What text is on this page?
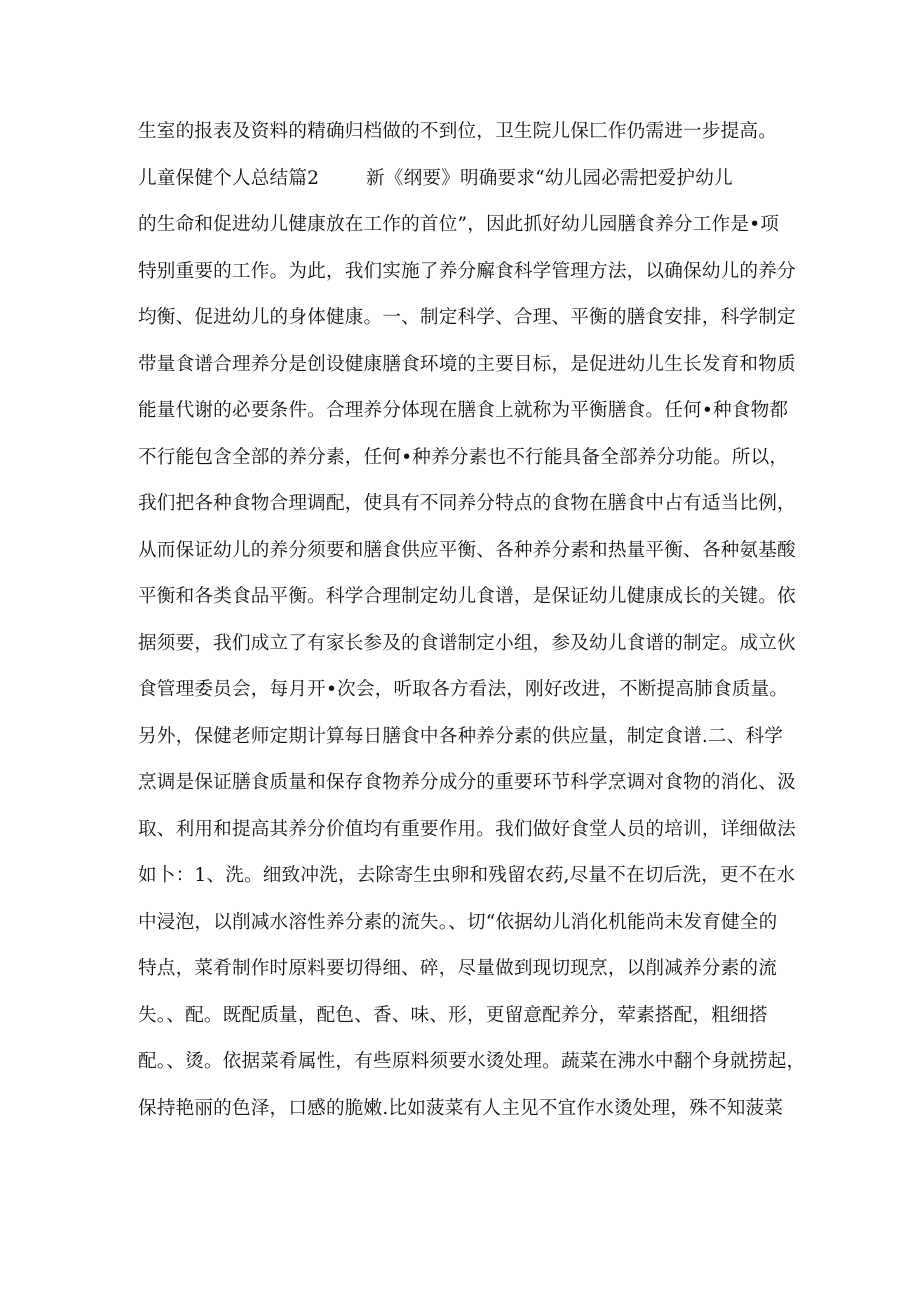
生室的报表及资料的精确归档做的不到位，卫生院儿保匚作仍需进一步提高。
儿童保健个人总结篇2	新《纲要》明确要求“幼儿园必需把爱护幼儿
的生命和促进幼儿健康放在工作的首位”，因此抓好幼儿园膳食养分工作是•项
特别重要的工作。为此，我们实施了养分廨食科学管理方法，以确保幼儿的养分
均衡、促进幼儿的身体健康。一、制定科学、合理、平衡的膳食安排，科学制定
带量食谱合理养分是创设健康膳食环境的主要目标，是促进幼儿生长发育和物质
能量代谢的必要条件。合理养分体现在膳食上就称为平衡膳食。任何•种食物都
不行能包含全部的养分素，任何•种养分素也不行能具备全部养分功能。所以，
我们把各种食物合理调配，使具有不同养分特点的食物在膳食中占有适当比例，
从而保证幼儿的养分须要和膳食供应平衡、各种养分素和热量平衡、各种氨基酸
平衡和各类食品平衡。科学合理制定幼儿食谱，是保证幼儿健康成长的关键。依
据须要，我们成立了有家长参及的食谱制定小组，参及幼儿食谱的制定。成立伙
食管理委员会，每月开•次会，听取各方看法，刚好改进，不断提高肺食质量。
另外，保健老师定期计算每日膳食中各种养分素的供应量，制定食谱.二、科学
烹调是保证膳食质量和保存食物养分成分的重要环节科学烹调对食物的消化、汲
取、利用和提高其养分价值均有重要作用。我们做好食堂人员的培训，详细做法
如卜：1、洗。细致冲洗，去除寄生虫卵和残留农药,尽量不在切后洗，更不在水
中浸泡，以削减水溶性养分素的流失。、切“依据幼儿消化机能尚未发育健全的
特点，菜肴制作时原料要切得细、碎，尽量做到现切现烹，以削减养分素的流
失。、配。既配质量，配色、香、味、形，更留意配养分，荤素搭配，粗细搭
配。、烫。依据菜肴属性，有些原料须要水烫处理。蔬菜在沸水中翻个身就捞起，
保持艳丽的色泽，口感的脆嫩.比如菠菜有人主见不宜作水烫处理，殊不知菠菜
